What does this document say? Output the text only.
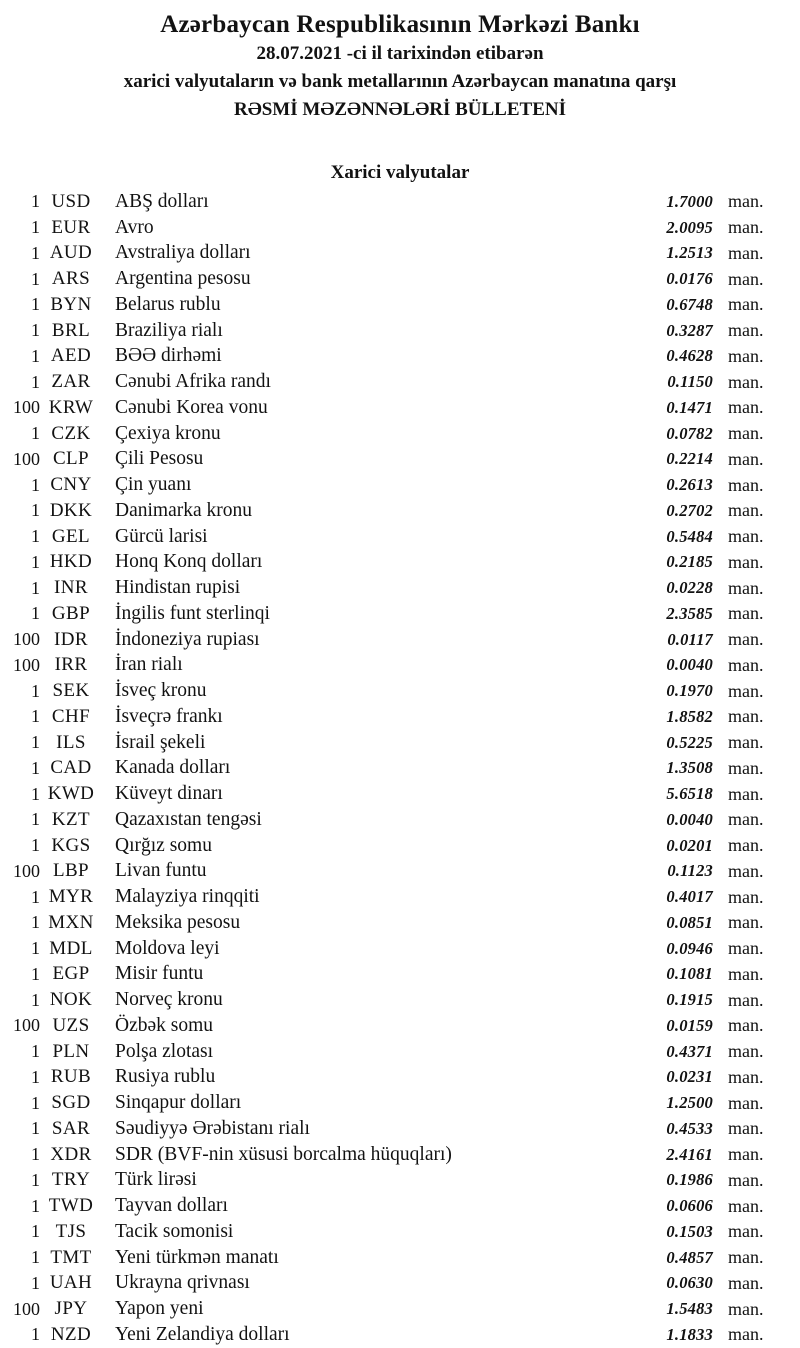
Azərbaycan Respublikasının Mərkəzi Bankı
28.07.2021 -ci il tarixindən etibarən
xarici valyutaların və bank metallarının Azərbaycan manatına qarşı
RƏSMİ MƏZƏNNƏLƏRİ BÜLLETENİ
Xarici valyutalar
1 USD	ABŞ dolları	1.7000 man.
1 EUR	Avro	2.0095 man.
1 AUD	Avstraliya dolları	1.2513 man.
1 ARS	Argentina pesosu	0.0176 man.
1 BYN	Belarus rublu	0.6748 man.
1 BRL	Braziliya rialı	0.3287 man.
1 AED	BƏƏ dirhəmi	0.4628 man.
1 ZAR	Cənubi Afrika randı	0.1150 man.
100 KRW	Cənubi Korea vonu	0.1471 man.
1 CZK	Çexiya kronu	0.0782 man.
100 CLP	Çili Pesosu	0.2214 man.
1 CNY	Çin yuanı	0.2613 man.
1 DKK	Danimarka kronu	0.2702 man.
1 GEL	Gürcü larisi	0.5484 man.
1 HKD	Honq Konq dolları	0.2185 man.
1 INR	Hindistan rupisi	0.0228 man.
1 GBP	İngilis funt sterlinqi	2.3585 man.
100 IDR	İndoneziya rupiası	0.0117 man.
100 IRR	İran rialı	0.0040 man.
1 SEK	İsveç kronu	0.1970 man.
1 CHF	İsveçrə frankı	1.8582 man.
1 ILS	İsrail şekeli	0.5225 man.
1 CAD	Kanada dolları	1.3508 man.
1 KWD	Küveyt dinarı	5.6518 man.
1 KZT	Qazaxıstan tengəsi	0.0040 man.
1 KGS	Qırğız somu	0.0201 man.
100 LBP	Livan funtu	0.1123 man.
1 MYR	Malayziya rinqqiti	0.4017 man.
1 MXN	Meksika pesosu	0.0851 man.
1 MDL	Moldova leyi	0.0946 man.
1 EGP	Misir funtu	0.1081 man.
1 NOK	Norveç kronu	0.1915 man.
100 UZS	Özbək somu	0.0159 man.
1 PLN	Polşa zlotası	0.4371 man.
1 RUB	Rusiya rublu	0.0231 man.
1 SGD	Sinqapur dolları	1.2500 man.
1 SAR	Səudiyyə Ərəbistanı rialı	0.4533 man.
1 XDR	SDR (BVF-nin xüsusi borcalma hüquqları)	2.4161 man.
1 TRY	Türk lirəsi	0.1986 man.
1 TWD	Tayvan dolları	0.0606 man.
1 TJS	Tacik somonisi	0.1503 man.
1 TMT	Yeni türkmən manatı	0.4857 man.
1 UAH	Ukrayna qrivnası	0.0630 man.
100 JPY	Yapon yeni	1.5483 man.
1 NZD	Yeni Zelandiya dolları	1.1833 man.
